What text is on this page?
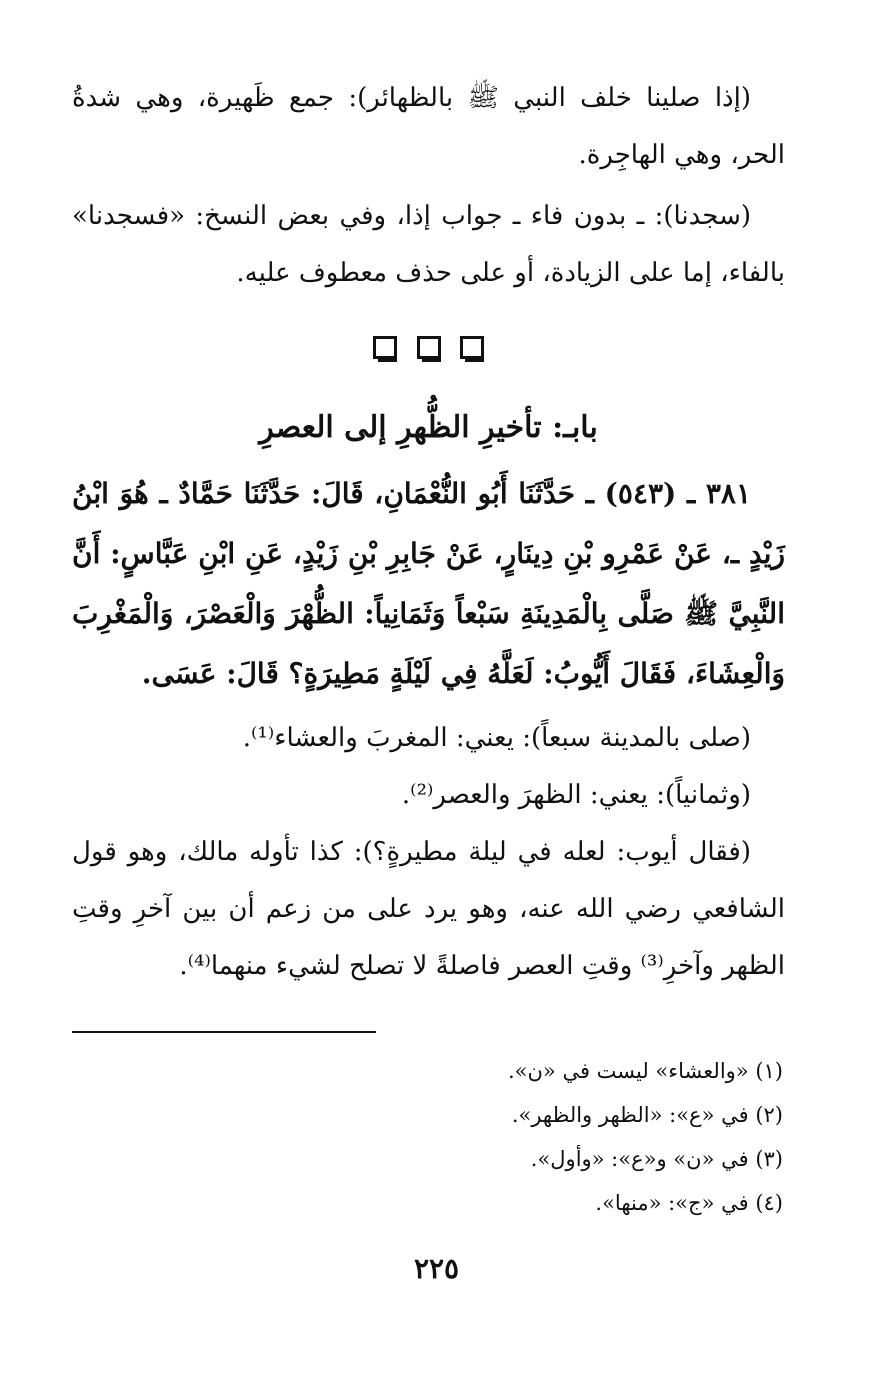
(إذا صلينا خلف النبي ﷺ بالظهائر): جمع ظَهيرة، وهي شدةُ الحر، وهي الهاجِرة.

(سجدنا): ـ بدون فاء ـ جواب إذا، وفي بعض النسخ: «فسجدنا» بالفاء، إما على الزيادة، أو على حذف معطوف عليه.

بابـ: تأخيرِ الظُّهرِ إلى العصرِ

٣٨١ ـ (٥٤٣) ـ حَدَّثَنَا أَبُو النُّعْمَانِ، قَالَ: حَدَّثَنَا حَمَّادٌ ـ هُوَ ابْنُ زَيْدٍ ـ، عَنْ عَمْرِو بْنِ دِينَارٍ، عَنْ جَابِرِ بْنِ زَيْدٍ، عَنِ ابْنِ عَبَّاسٍ: أَنَّ النَّبِيَّ ﷺ صَلَّى بِالْمَدِينَةِ سَبْعاً وَثَمَانِياً: الظُّهْرَ وَالْعَصْرَ، وَالْمَغْرِبَ وَالْعِشَاءَ، فَقَالَ أَيُّوبُ: لَعَلَّهُ فِي لَيْلَةٍ مَطِيرَةٍ؟ قَالَ: عَسَى.

(صلى بالمدينة سبعاً): يعني: المغربَ والعشاء⁽¹⁾.

(وثمانياً): يعني: الظهرَ والعصر⁽²⁾.

(فقال أيوب: لعله في ليلة مطيرةٍ؟): كذا تأوله مالك، وهو قول الشافعي رضي الله عنه، وهو يرد على من زعم أن بين آخرِ وقتِ الظهر وآخرِ⁽³⁾ وقتِ العصر فاصلةً لا تصلح لشيء منهما⁽⁴⁾.

(١) «والعشاء» ليست في «ن».
(٢) في «ع»: «الظهر والظهر».
(٣) في «ن» و«ع»: «وأول».
(٤) في «ج»: «منها».
٢٢٥
